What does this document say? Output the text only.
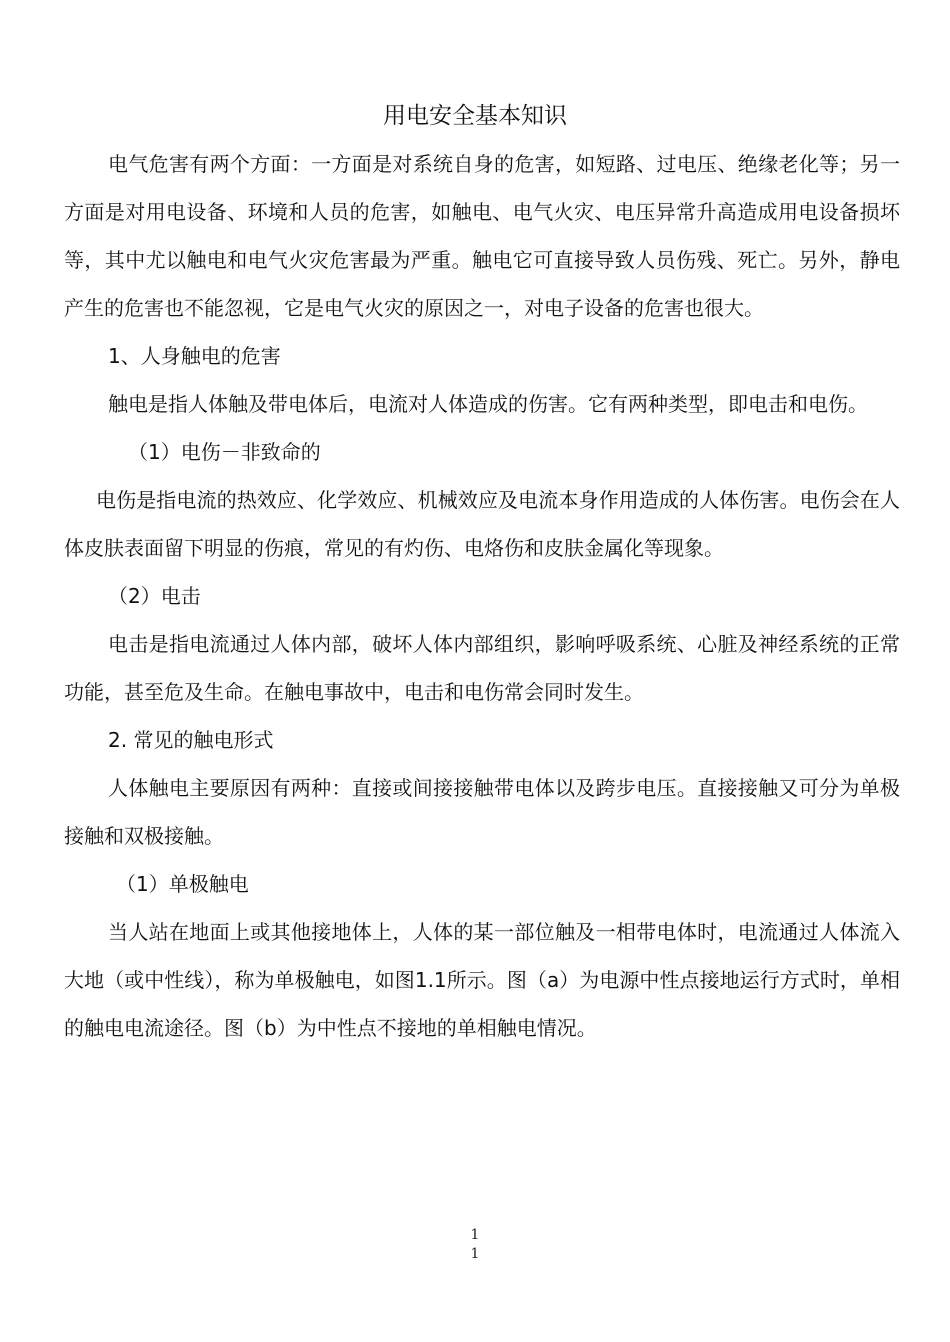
用电安全基本知识

电气危害有两个方面：一方面是对系统自身的危害，如短路、过电压、绝缘老化等；另一方面是对用电设备、环境和人员的危害，如触电、电气火灾、电压异常升高造成用电设备损坏等，其中尤以触电和电气火灾危害最为严重。触电它可直接导致人员伤残、死亡。另外，静电产生的危害也不能忽视，它是电气火灾的原因之一，对电子设备的危害也很大。

1、人身触电的危害

触电是指人体触及带电体后，电流对人体造成的伤害。它有两种类型，即电击和电伤。

（1）电伤－非致命的

电伤是指电流的热效应、化学效应、机械效应及电流本身作用造成的人体伤害。电伤会在人体皮肤表面留下明显的伤痕，常见的有灼伤、电烙伤和皮肤金属化等现象。

（2）电击

电击是指电流通过人体内部，破坏人体内部组织，影响呼吸系统、心脏及神经系统的正常功能，甚至危及生命。在触电事故中，电击和电伤常会同时发生。

2. 常见的触电形式

人体触电主要原因有两种：直接或间接接触带电体以及跨步电压。直接接触又可分为单极接触和双极接触。

（1）单极触电

当人站在地面上或其他接地体上，人体的某一部位触及一相带电体时，电流通过人体流入大地（或中性线），称为单极触电，如图1.1所示。图（a）为电源中性点接地运行方式时，单相的触电电流途径。图（b）为中性点不接地的单相触电情况。

1
1
